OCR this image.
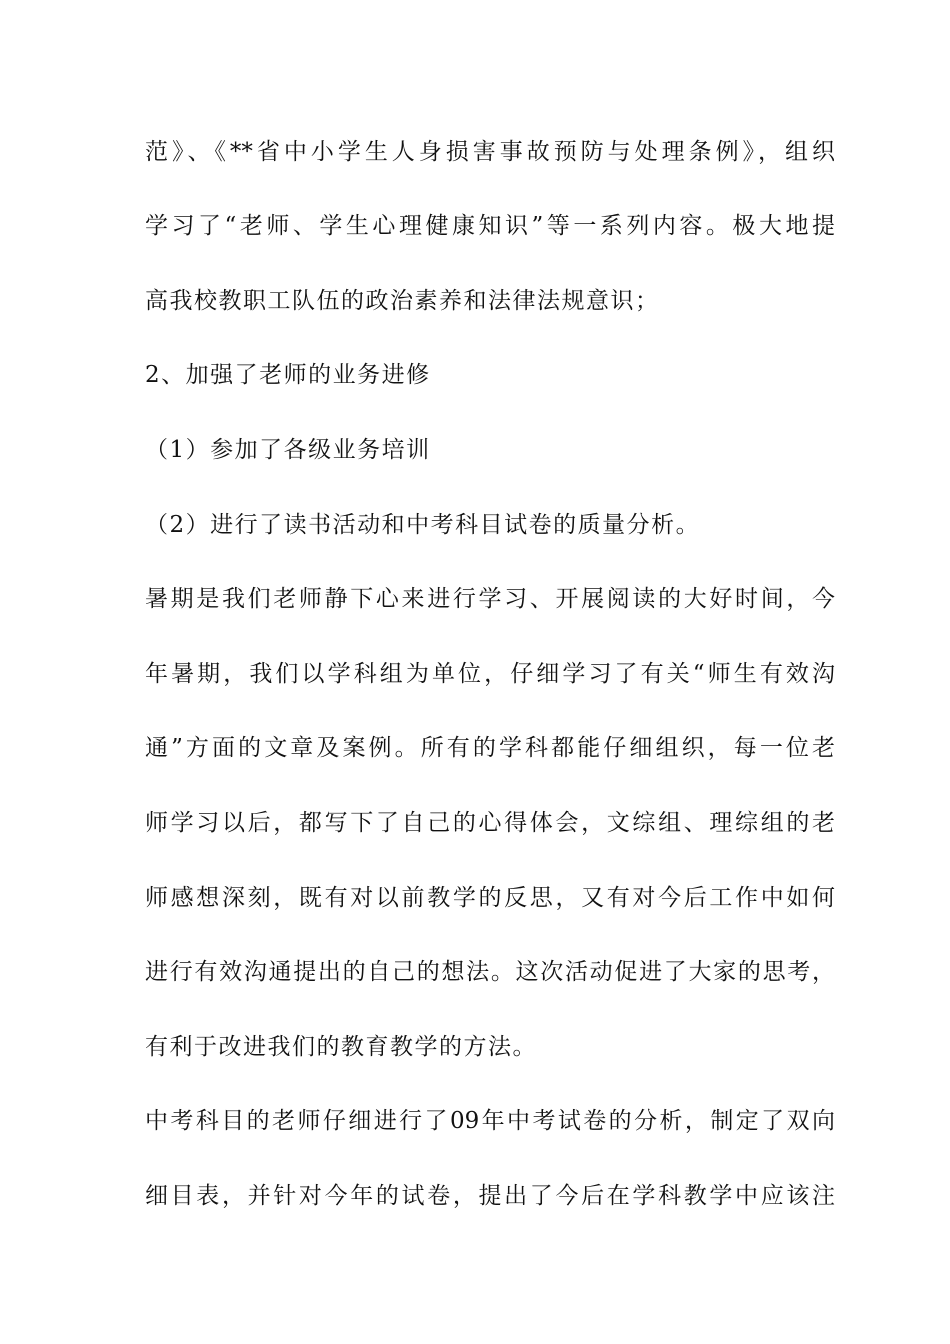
范》、《**省中小学生人身损害事故预防与处理条例》，组织
学习了“老师、学生心理健康知识”等一系列内容。极大地提
高我校教职工队伍的政治素养和法律法规意识；
2、加强了老师的业务进修
（1）参加了各级业务培训
（2）进行了读书活动和中考科目试卷的质量分析。
暑期是我们老师静下心来进行学习、开展阅读的大好时间，今
年暑期，我们以学科组为单位，仔细学习了有关“师生有效沟
通”方面的文章及案例。所有的学科都能仔细组织，每一位老
师学习以后，都写下了自己的心得体会，文综组、理综组的老
师感想深刻，既有对以前教学的反思，又有对今后工作中如何
进行有效沟通提出的自己的想法。这次活动促进了大家的思考，
有利于改进我们的教育教学的方法。
中考科目的老师仔细进行了09年中考试卷的分析，制定了双向
细目表，并针对今年的试卷，提出了今后在学科教学中应该注
